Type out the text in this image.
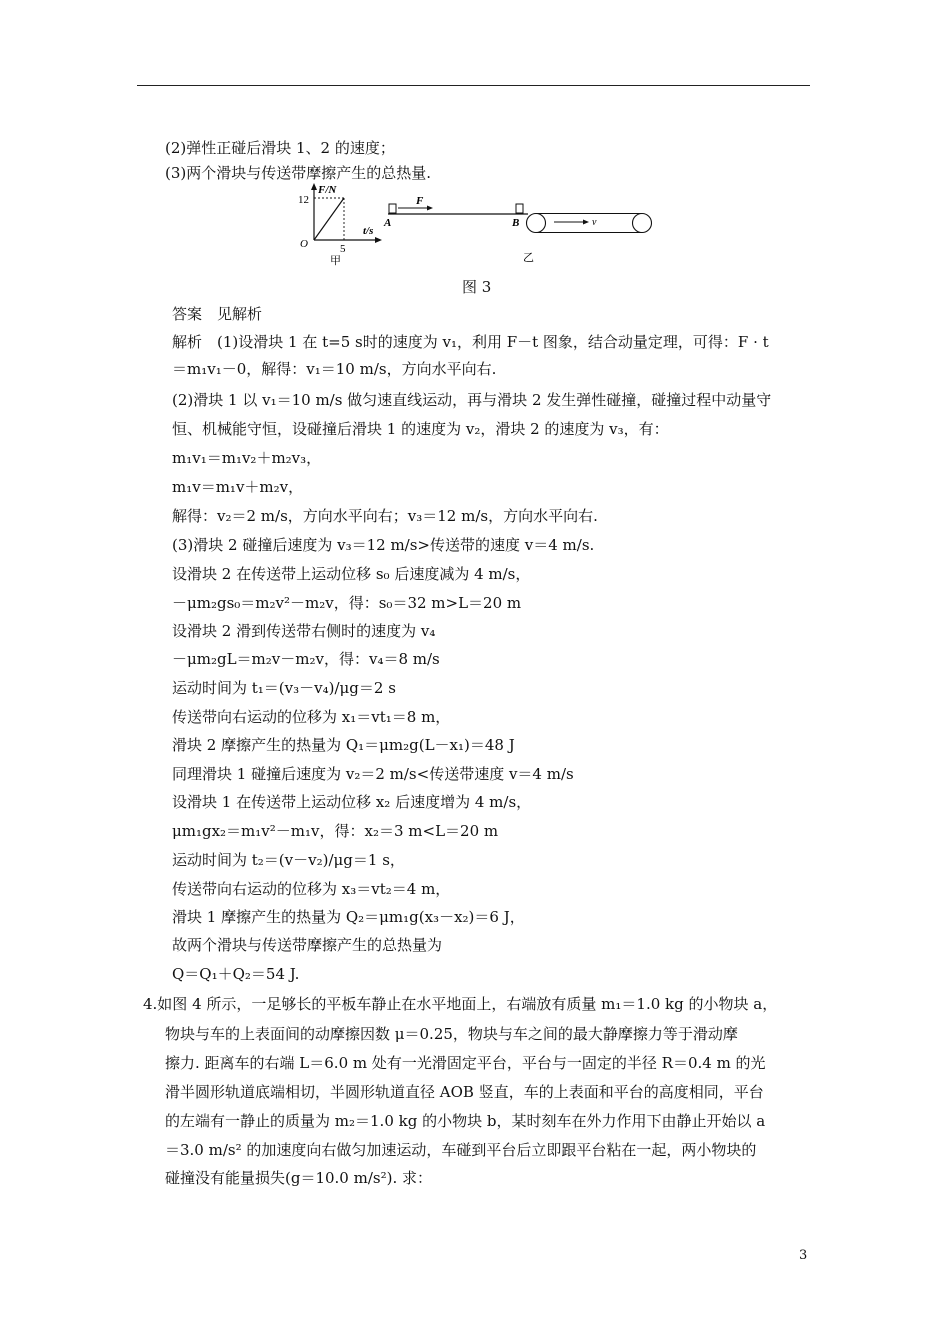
(2)弹性正碰后滑块 1、2 的速度；
(3)两个滑块与传送带摩擦产生的总热量.
F/N
12
O	5
t/s
甲
F
A	B	v
乙
图 3
答案　见解析
解析　(1)设滑块 1 在 t=5 s时的速度为 v₁，利用 F－t 图象，结合动量定理，可得：F · t
＝m₁v₁－0，解得：v₁＝10 m/s，方向水平向右.
(2)滑块 1 以 v₁＝10 m/s 做匀速直线运动，再与滑块 2 发生弹性碰撞，碰撞过程中动量守
恒、机械能守恒，设碰撞后滑块 1 的速度为 v₂，滑块 2 的速度为 v₃，有：
m₁v₁＝m₁v₂＋m₂v₃，
m₁v＝m₁v＋m₂v，
解得：v₂＝2 m/s，方向水平向右；v₃＝12 m/s，方向水平向右.
(3)滑块 2 碰撞后速度为 v₃＝12 m/s>传送带的速度 v＝4 m/s.
设滑块 2 在传送带上运动位移 s₀ 后速度减为 4 m/s，
－μm₂gs₀＝m₂v²－m₂v，得：s₀＝32 m>L＝20 m
设滑块 2 滑到传送带右侧时的速度为 v₄
－μm₂gL＝m₂v－m₂v，得：v₄＝8 m/s
运动时间为 t₁＝(v₃－v₄)/μg＝2 s
传送带向右运动的位移为 x₁＝vt₁＝8 m，
滑块 2 摩擦产生的热量为 Q₁＝μm₂g(L－x₁)＝48 J
同理滑块 1 碰撞后速度为 v₂＝2 m/s<传送带速度 v＝4 m/s
设滑块 1 在传送带上运动位移 x₂ 后速度增为 4 m/s，
μm₁gx₂＝m₁v²－m₁v，得：x₂＝3 m<L＝20 m
运动时间为 t₂＝(v－v₂)/μg＝1 s，
传送带向右运动的位移为 x₃＝vt₂＝4 m，
滑块 1 摩擦产生的热量为 Q₂＝μm₁g(x₃－x₂)＝6 J，
故两个滑块与传送带摩擦产生的总热量为
Q＝Q₁＋Q₂＝54 J.
4.如图 4 所示，一足够长的平板车静止在水平地面上，右端放有质量 m₁＝1.0 kg 的小物块 a，
物块与车的上表面间的动摩擦因数 μ＝0.25，物块与车之间的最大静摩擦力等于滑动摩
擦力. 距离车的右端 L＝6.0 m 处有一光滑固定平台，平台与一固定的半径 R＝0.4 m 的光
滑半圆形轨道底端相切，半圆形轨道直径 AOB 竖直，车的上表面和平台的高度相同，平台
的左端有一静止的质量为 m₂＝1.0 kg 的小物块 b，某时刻车在外力作用下由静止开始以 a
＝3.0 m/s² 的加速度向右做匀加速运动，车碰到平台后立即跟平台粘在一起，两小物块的
碰撞没有能量损失(g＝10.0 m/s²). 求：
3
